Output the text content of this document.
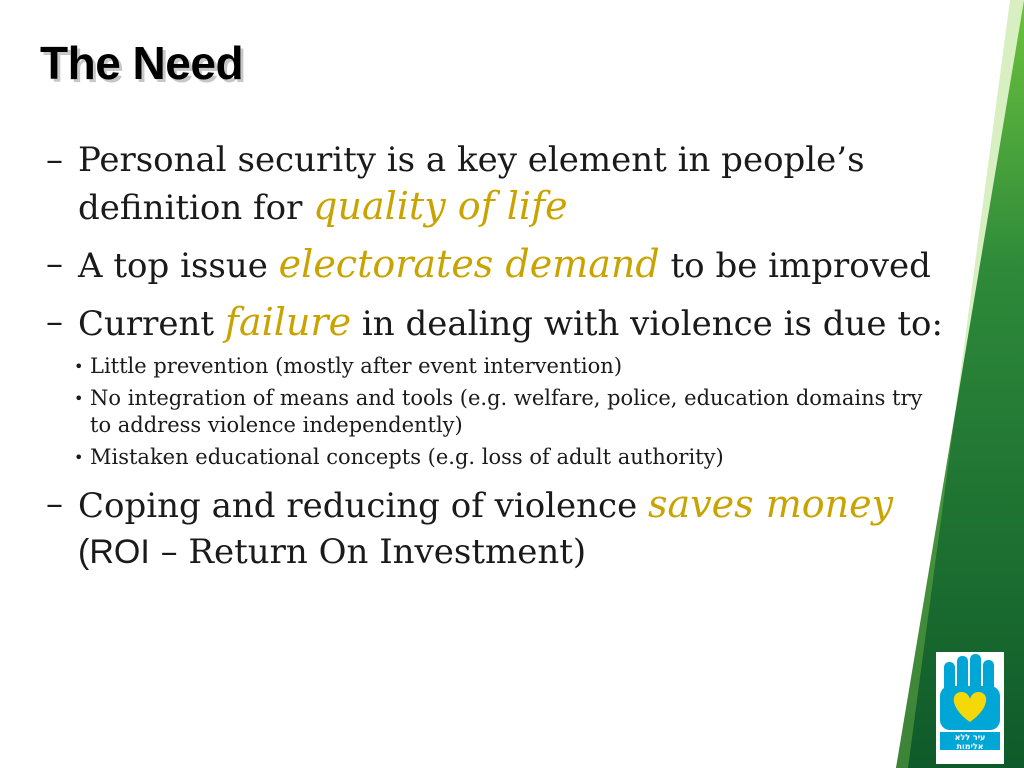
The Need
– Personal security is a key element in people’s definition for quality of life
– A top issue electorates demand to be improved
– Current failure in dealing with violence is due to:
• Little prevention (mostly after event intervention)
• No integration of means and tools (e.g. welfare, police, education domains try to address violence independently)
• Mistaken educational concepts (e.g. loss of adult authority)
– Coping and reducing of violence saves money (ROI – Return On Investment)
עיר ללא
אלימות
